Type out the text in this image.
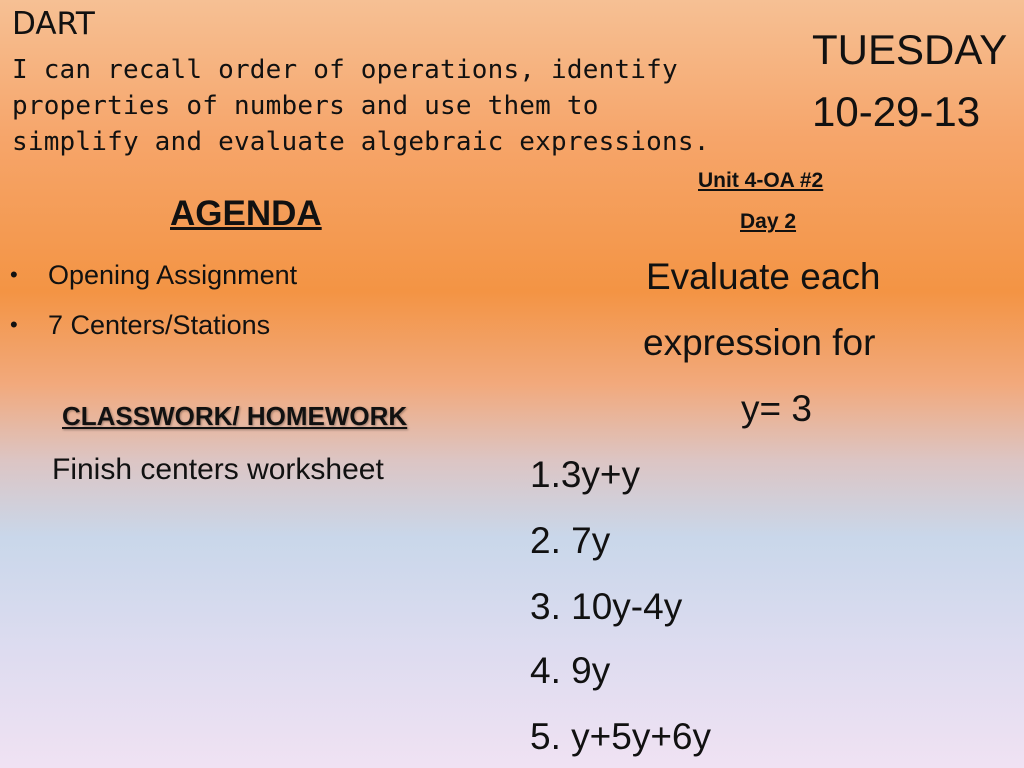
DART

I can recall order of operations, identify properties of numbers and use them to simplify and evaluate algebraic expressions.

TUESDAY

10-29-13

AGENDA

•	Opening Assignment
•	7 Centers/Stations

CLASSWORK/ HOMEWORK

Finish centers worksheet

Unit 4-OA #2

Day 2

Evaluate each

expression for

y= 3

1.3y+y

2. 7y

3. 10y-4y

4. 9y

5. y+5y+6y
